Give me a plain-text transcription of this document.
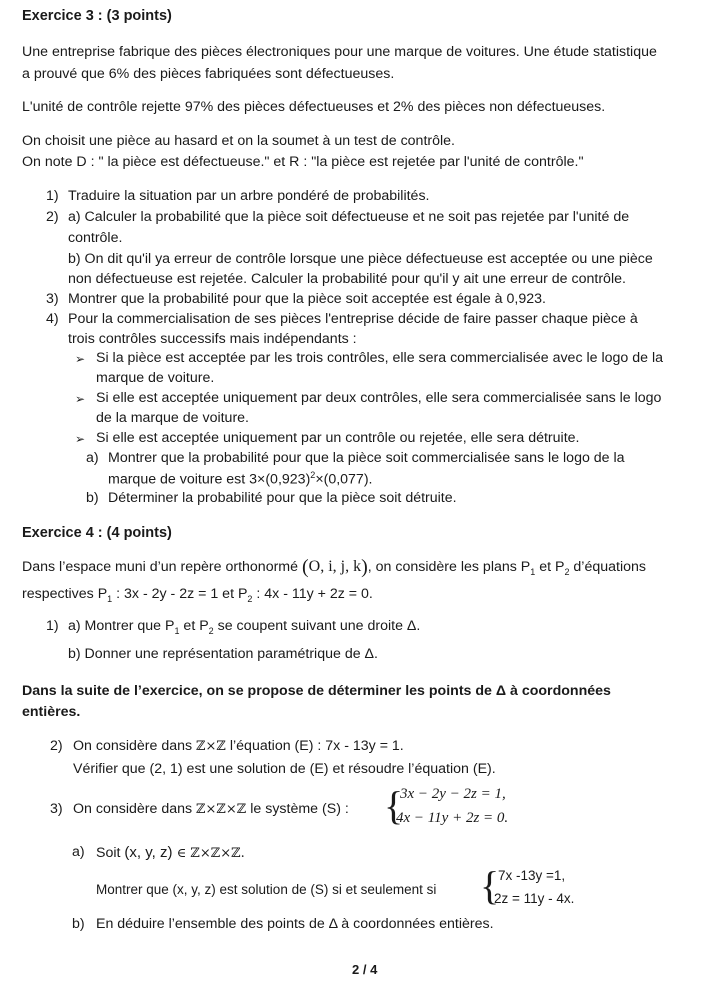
Exercice 3 : (3 points)
Une entreprise fabrique des pièces électroniques pour une marque de voitures. Une étude statistique
a prouvé que 6% des pièces fabriquées sont défectueuses.
L'unité de contrôle rejette 97% des pièces défectueuses et 2% des pièces non défectueuses.
On choisit une pièce au hasard et on la soumet à un test de contrôle.
On note D : " la pièce est défectueuse." et R : "la pièce est rejetée par l'unité de contrôle."
1) Traduire la situation par un arbre pondéré de probabilités.
2) a) Calculer la probabilité que la pièce soit défectueuse et ne soit pas rejetée par l'unité de
contrôle.
b) On dit qu'il ya erreur de contrôle lorsque une pièce défectueuse est acceptée ou une pièce
non défectueuse est rejetée. Calculer la probabilité pour qu'il y ait une erreur de contrôle.
3) Montrer que la probabilité pour que la pièce soit acceptée est égale à 0,923.
4) Pour la commercialisation de ses pièces l'entreprise décide de faire passer chaque pièce à
trois contrôles successifs mais indépendants :
➢ Si la pièce est acceptée par les trois contrôles, elle sera commercialisée avec le logo de la
marque de voiture.
➢ Si elle est acceptée uniquement par deux contrôles, elle sera commercialisée sans le logo
de la marque de voiture.
➢ Si elle est acceptée uniquement par un contrôle ou rejetée, elle sera détruite.
a) Montrer que la probabilité pour que la pièce soit commercialisée sans le logo de la
marque de voiture est $3\times(0,923)^2\times(0,077)$.
b) Déterminer la probabilité pour que la pièce soit détruite.
Exercice 4 : (4 points)
Dans l’espace muni d’un repère orthonormé (O, i, j, k), on considère les plans $P_1$ et $P_2$ d’équations
respectives $P_1$ : 3x - 2y - 2z = 1 et $P_2$ : 4x - 11y + 2z = 0.
1) a) Montrer que $P_1$ et $P_2$ se coupent suivant une droite Δ.
b) Donner une représentation paramétrique de Δ.
Dans la suite de l’exercice, on se propose de déterminer les points de Δ à coordonnées
entières.
2) On considère dans ℤ×ℤ l’équation (E) : 7x - 13y = 1.
Vérifier que (2, 1) est une solution de (E) et résoudre l’équation (E).
3) On considère dans ℤ×ℤ×ℤ le système (S) : {
3x − 2y − 2z = 1,
4x − 11y + 2z = 0.
a) Soit (x, y, z) ∈ ℤ×ℤ×ℤ.
Montrer que (x, y, z) est solution de (S) si et seulement si {
7x -13y =1,
2z = 11y - 4x.
b) En déduire l’ensemble des points de Δ à coordonnées entières.
2 / 4
